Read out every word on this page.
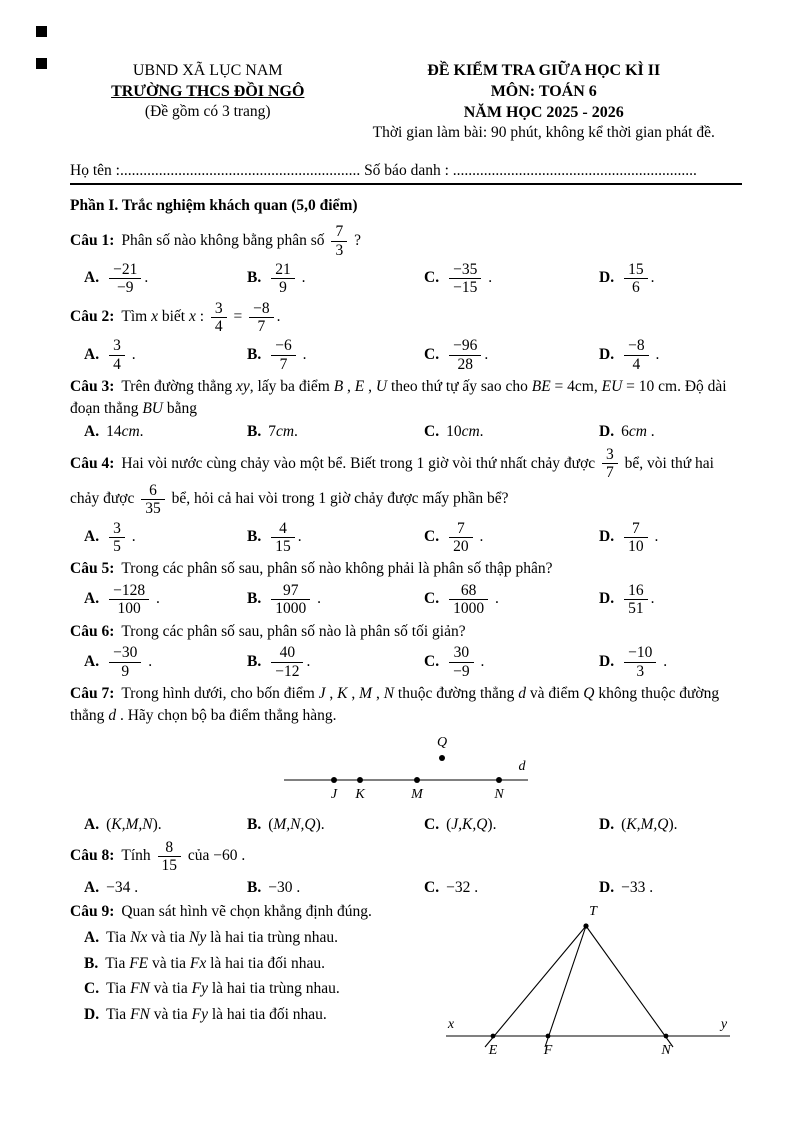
UBND XÃ LỤC NAM
TRƯỜNG THCS ĐỒI NGÔ
(Đề gồm có 3 trang)
ĐỀ KIỂM TRA GIỮA HỌC KÌ II
MÔN: TOÁN 6
NĂM HỌC 2025 - 2026
Thời gian làm bài: 90 phút, không kể thời gian phát đề.
Họ tên :.............................................................. Số báo danh : ...............................................................

Phần I. Trắc nghiệm khách quan (5,0 điểm)

Câu 1: Phân số nào không bằng phân số $\frac{7}{3}$ ?

A. $\frac{-21}{-9}$ .	B. $\frac{21}{9}$ .	C. $\frac{-35}{-15}$ .	D. $\frac{15}{6}$ .

Câu 2: Tìm x biết x : $\frac{3}{4} = \frac{-8}{7}$ .

A. $\frac{3}{4}$ .	B. $\frac{-6}{7}$ .	C. $\frac{-96}{28}$ .	D. $\frac{-8}{4}$ .

Câu 3: Trên đường thẳng xy, lấy ba điểm B , E , U theo thứ tự ấy sao cho BE = 4cm, EU = 10 cm. Độ dài đoạn thẳng BU bằng

A. 14cm.	B. 7cm.	C. 10cm.	D. 6cm .

Câu 4: Hai vòi nước cùng chảy vào một bể. Biết trong 1 giờ vòi thứ nhất chảy được $\frac{3}{7}$ bể, vòi thứ hai chảy được $\frac{6}{35}$ bể, hỏi cả hai vòi trong 1 giờ chảy được mấy phần bể?

A. $\frac{3}{5}$ .	B. $\frac{4}{15}$ .	C. $\frac{7}{20}$ .	D. $\frac{7}{10}$ .

Câu 5: Trong các phân số sau, phân số nào không phải là phân số thập phân?

A. $\frac{-128}{100}$ .	B. $\frac{97}{1000}$ .	C. $\frac{68}{1000}$ .	D. $\frac{16}{51}$ .

Câu 6: Trong các phân số sau, phân số nào là phân số tối giản?

A. $\frac{-30}{9}$ .	B. $\frac{40}{-12}$ .	C. $\frac{30}{-9}$ .	D. $\frac{-10}{3}$ .

Câu 7: Trong hình dưới, cho bốn điểm J , K , M , N thuộc đường thẳng d và điểm Q không thuộc đường thẳng d . Hãy chọn bộ ba điểm thẳng hàng.

d
J K	M	N
Q
A. (K,M,N).	B. (M,N,Q).	C. (J,K,Q).	D. (K,M,Q).

Câu 8: Tính $\frac{8}{15}$ của −60 .

A. −34 .	B. −30 .	C. −32 .	D. −33 .

Câu 9: Quan sát hình vẽ chọn khẳng định đúng.

A. Tia Nx và tia Ny là hai tia trùng nhau.
B. Tia FE và tia Fx là hai tia đối nhau.
C. Tia FN và tia Fy là hai tia trùng nhau.
D. Tia FN và tia Fy là hai tia đối nhau.
T
x	y
E	F	N
